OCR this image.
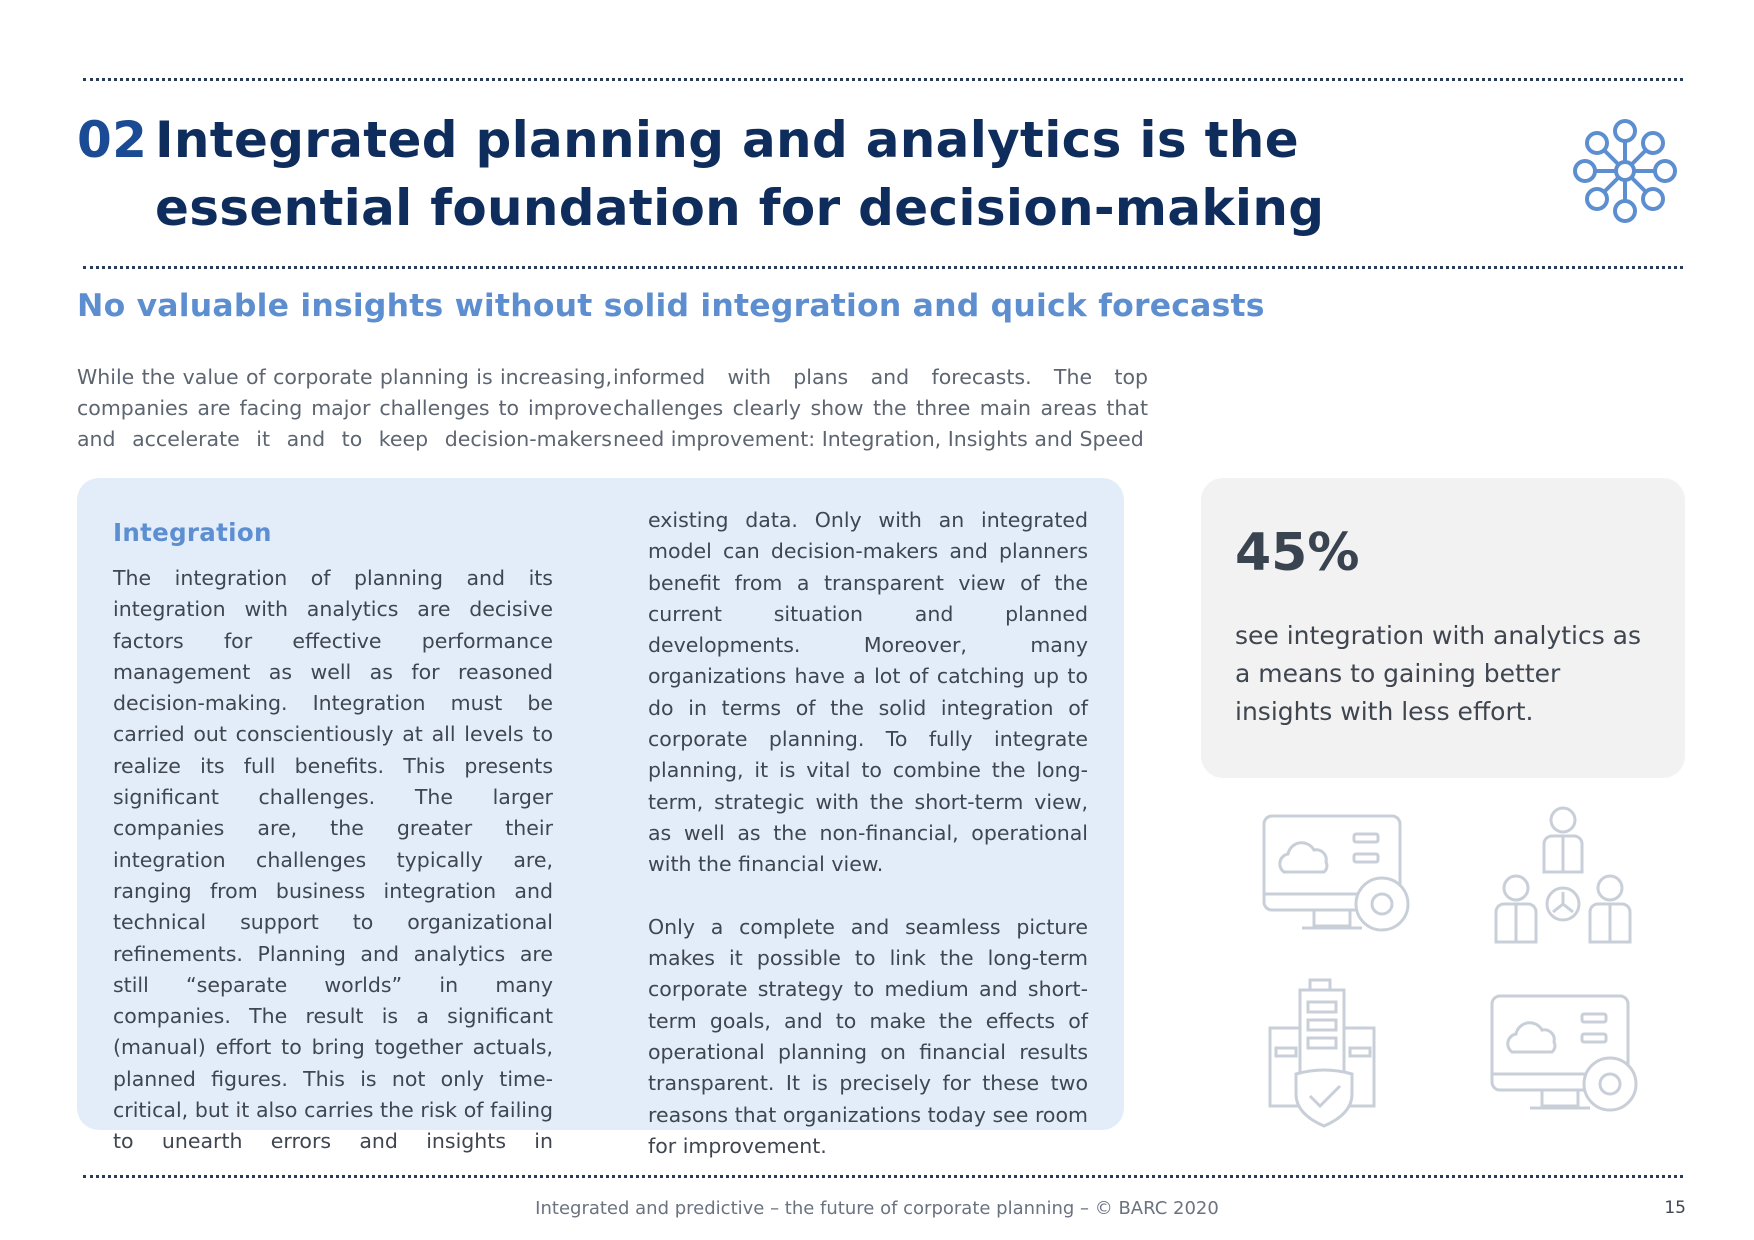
02 Integrated planning and analytics is the
essential foundation for decision-making
No valuable insights without solid integration and quick forecasts

While the value of corporate planning is increasing, companies are facing major challenges to improve and accelerate it and to keep decision-makers

informed with plans and forecasts. The top challenges clearly show the three main areas that need improvement: Integration, Insights and Speed

Integration

The integration of planning and its integration with analytics are decisive factors for effective performance management as well as for reasoned decision-making. Integration must be carried out conscientiously at all levels to realize its full benefits. This presents significant challenges. The larger companies are, the greater their integration challenges typically are, ranging from business integration and technical support to organizational refinements. Planning and analytics are still “separate worlds” in many companies. The result is a significant (manual) effort to bring together actuals, planned figures. This is not only time-critical, but it also carries the risk of failing to unearth errors and insights in

existing data. Only with an integrated model can decision-makers and planners benefit from a transparent view of the current situation and planned developments. Moreover, many organizations have a lot of catching up to do in terms of the solid integration of corporate planning. To fully integrate planning, it is vital to combine the long-term, strategic with the short-term view, as well as the non-financial, operational with the financial view.

Only a complete and seamless picture makes it possible to link the long-term corporate strategy to medium and short-term goals, and to make the effects of operational planning on financial results transparent. It is precisely for these two reasons that organizations today see room for improvement.

45%

see integration with analytics as a means to gaining better insights with less effort.

Integrated and predictive – the future of corporate planning – © BARC 2020	15
